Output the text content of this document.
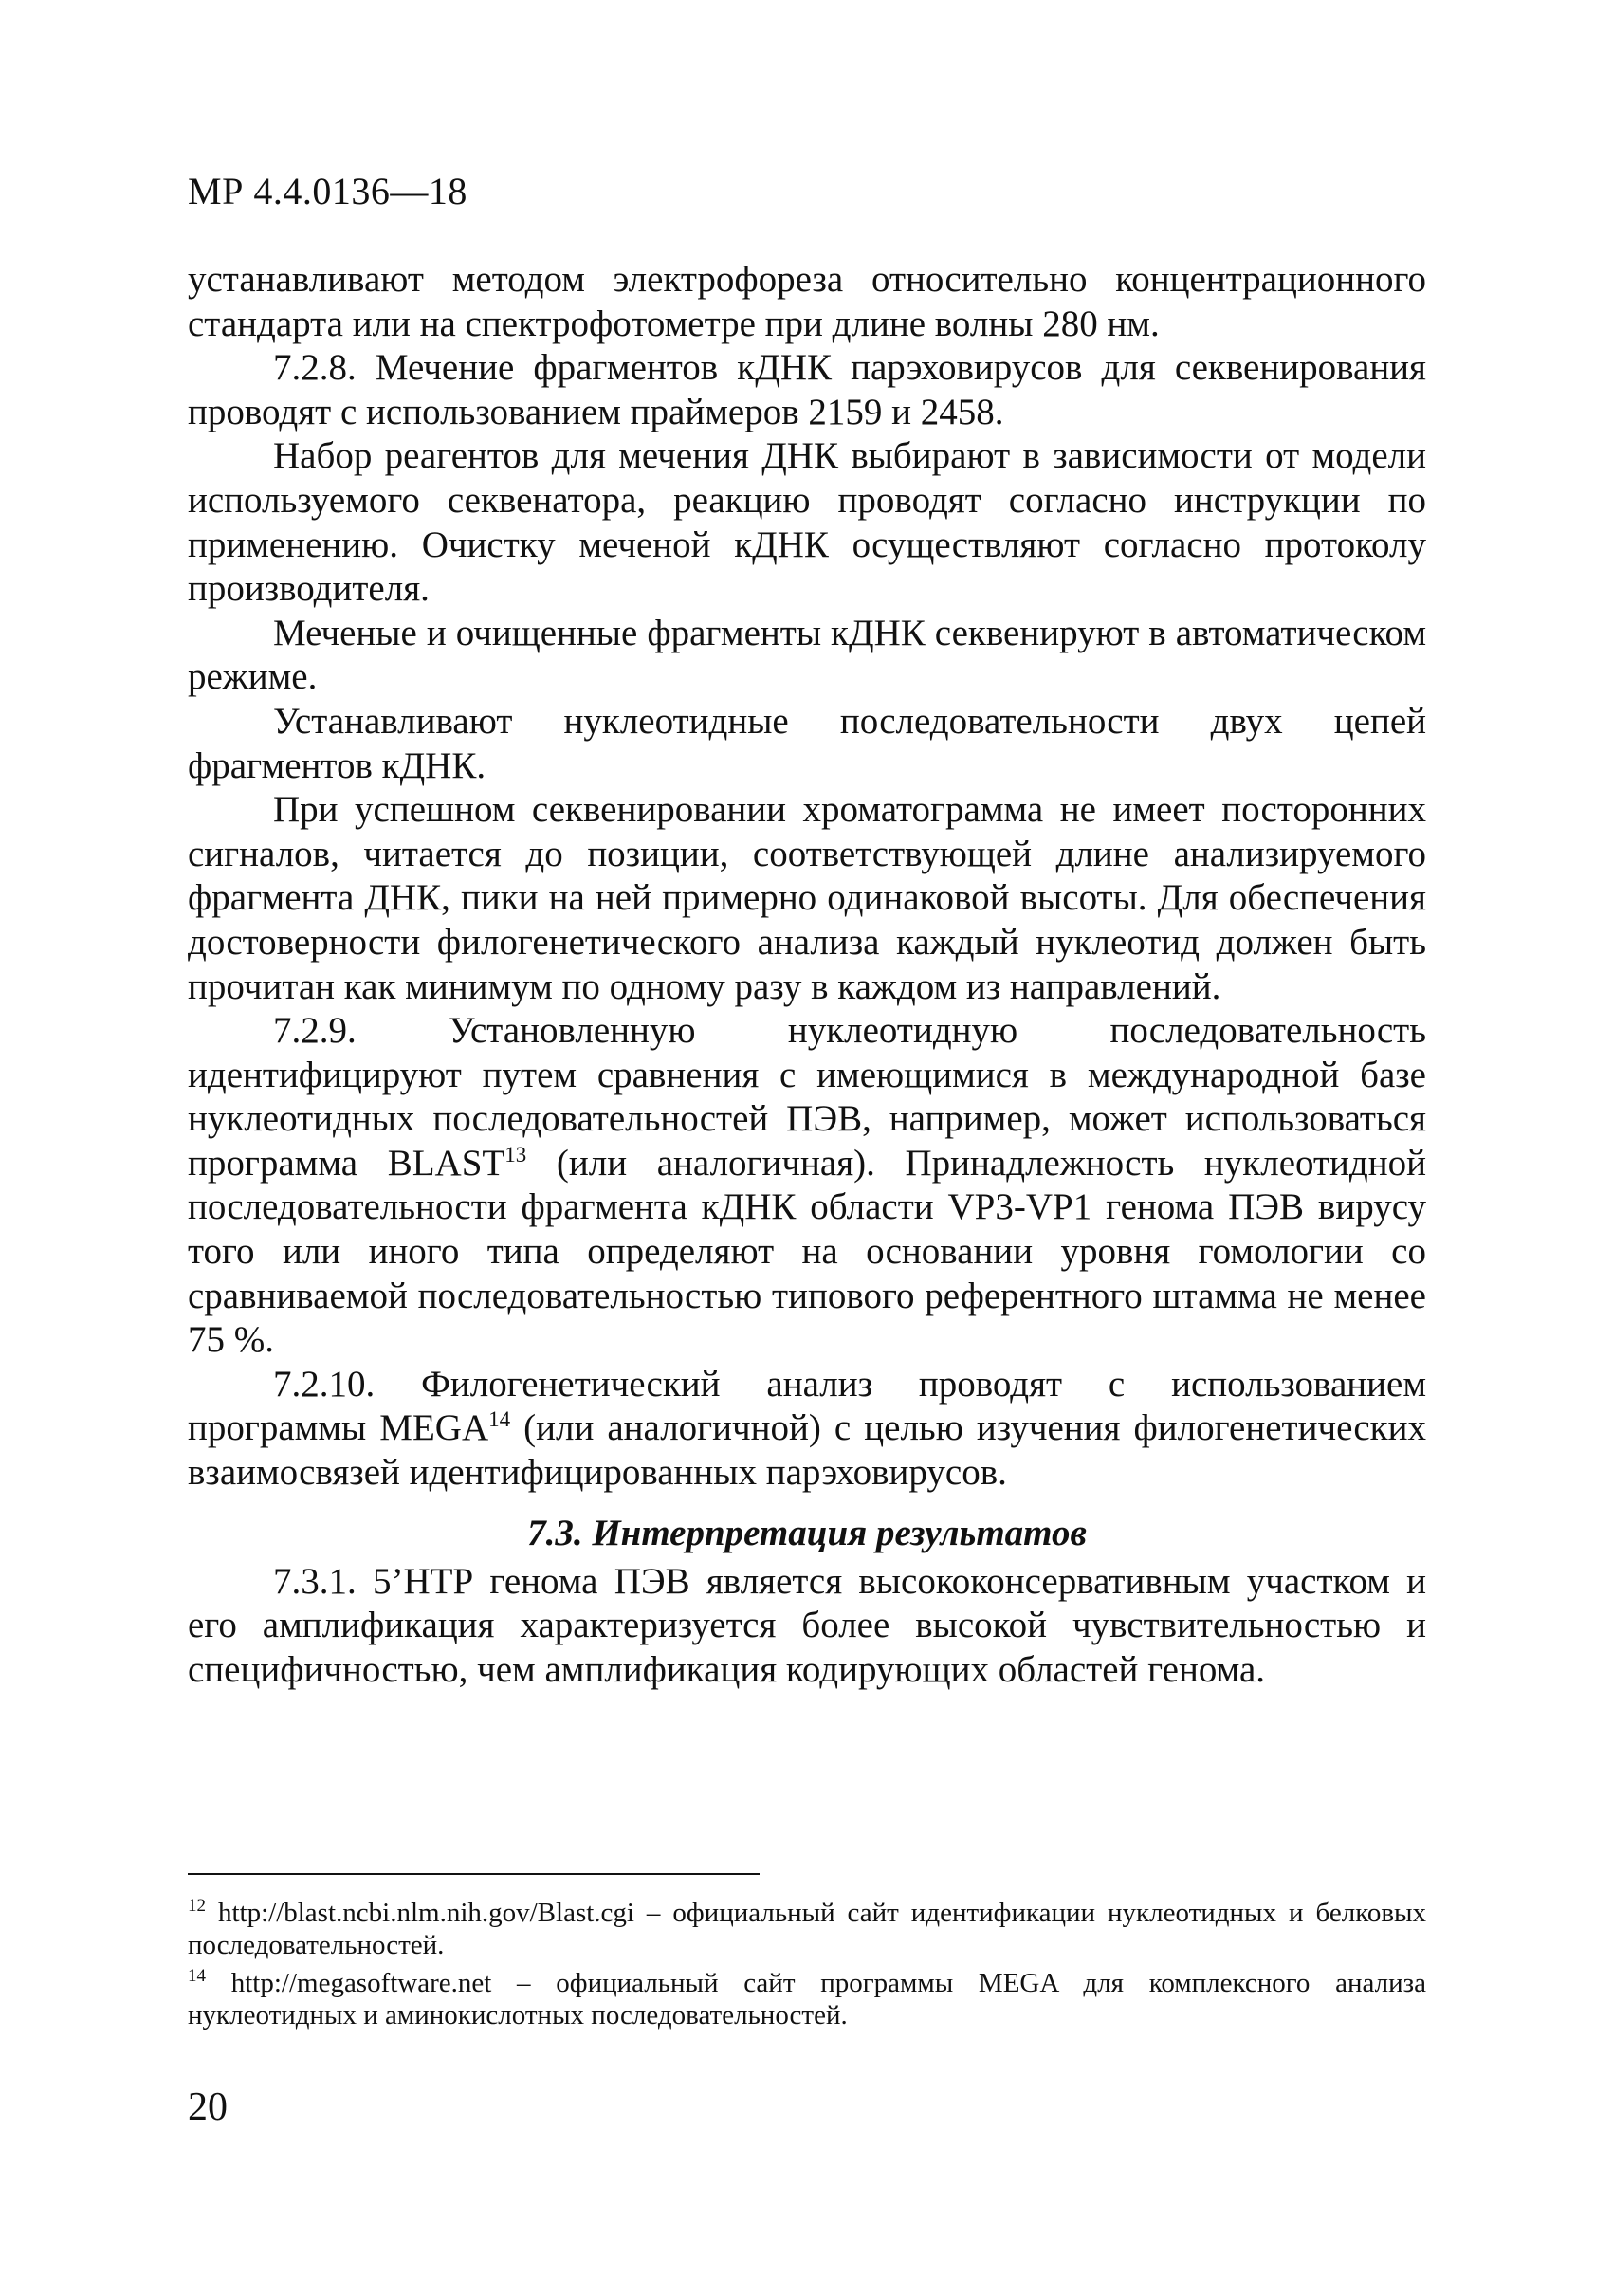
МР 4.4.0136—18

устанавливают методом электрофореза относительно концентрационного стандарта или на спектрофотометре при длине волны 280 нм.

7.2.8. Мечение фрагментов кДНК парэховирусов для секвенирования проводят с использованием праймеров 2159 и 2458.

Набор реагентов для мечения ДНК выбирают в зависимости от модели используемого секвенатора, реакцию проводят согласно инструкции по применению. Очистку меченой кДНК осуществляют согласно протоколу производителя.

Меченые и очищенные фрагменты кДНК секвенируют в автоматическом режиме.

Устанавливают нуклеотидные последовательности двух цепей фрагментов кДНК.

При успешном секвенировании хроматограмма не имеет посторонних сигналов, читается до позиции, соответствующей длине анализируемого фрагмента ДНК, пики на ней примерно одинаковой высоты. Для обеспечения достоверности филогенетического анализа каждый нуклеотид должен быть прочитан как минимум по одному разу в каждом из направлений.

7.2.9. Установленную нуклеотидную последовательность идентифицируют путем сравнения с имеющимися в международной базе нуклеотидных последовательностей ПЭВ, например, может использоваться программа BLAST$^{13}$ (или аналогичная). Принадлежность нуклеотидной последовательности фрагмента кДНК области VP3-VP1 генома ПЭВ вирусу того или иного типа определяют на основании уровня гомологии со сравниваемой последовательностью типового референтного штамма не менее 75 %.

7.2.10. Филогенетический анализ проводят с использованием программы MEGA$^{14}$ (или аналогичной) с целью изучения филогенетических взаимосвязей идентифицированных парэховирусов.

7.3. Интерпретация результатов

7.3.1. 5’НТР генома ПЭВ является высококонсервативным участком и его амплификация характеризуется более высокой чувствительностью и специфичностью, чем амплификация кодирующих областей генома.

$^{12}$ http://blast.ncbi.nlm.nih.gov/Blast.cgi – официальный сайт идентификации нуклеотидных и белковых последовательностей.

$^{14}$ http://megasoftware.net – официальный сайт программы MEGA для комплексного анализа нуклеотидных и аминокислотных последовательностей.

20
